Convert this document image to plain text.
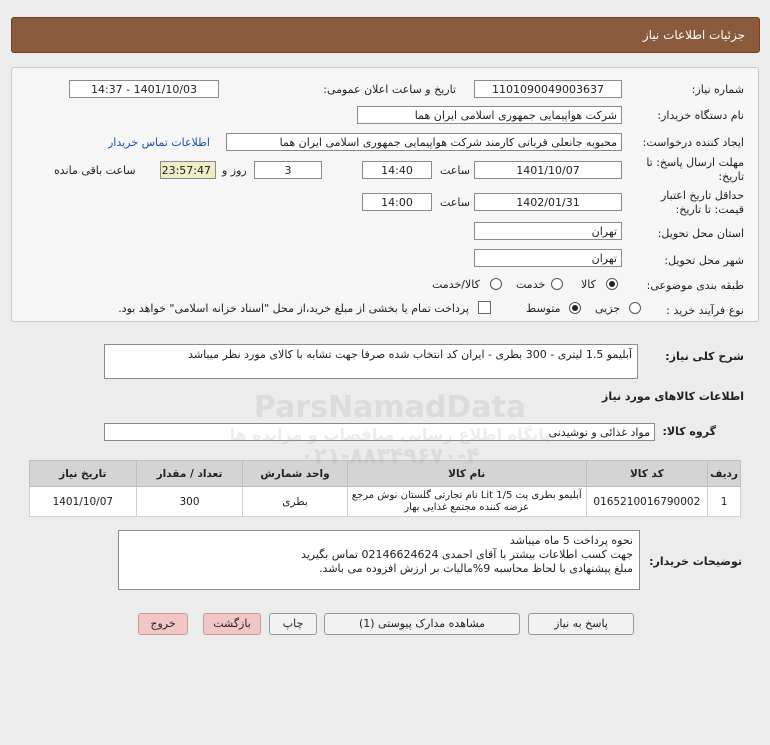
جزئیات اطلاعات نیاز
شماره نیاز:
1101090049003637
تاریخ و ساعت اعلان عمومی:
1401/10/03 - 14:37
نام دستگاه خریدار:
شرکت هواپیمایی جمهوری اسلامی ایران هما
ایجاد کننده درخواست:
محبوبه جانعلی قربانی کارمند شرکت هواپیمایی جمهوری اسلامی ایران هما
اطلاعات تماس خریدار
مهلت ارسال پاسخ: تا
تاریخ:
1401/10/07
ساعت
14:40
3
روز و
23:57:47
ساعت باقی مانده
حداقل تاریخ اعتبار
قیمت: تا تاریخ:
1402/01/31
ساعت
14:00
استان محل تحویل:
تهران
شهر محل تحویل:
تهران
طبقه بندی موضوعی:
کالا
خدمت
کالا/خدمت
نوع فرآیند خرید :
جزیی
متوسط
پرداخت تمام یا بخشی از مبلغ خرید،از محل "اسناد خزانه اسلامی" خواهد بود.
شرح کلی نیاز:
آبلیمو 1.5 لیتری - 300 بطری - ایران کد انتخاب شده صرفا جهت تشابه با کالای مورد نظر میباشد
اطلاعات کالاهای مورد نیاز
گروه کالا:
مواد غذائی و نوشیدنی
ردیف	کد کالا	نام کالا	واحد شمارش	تعداد / مقدار	تاریخ نیاز
1	0165210016790002	آبلیمو بطری پت Lit 1/5 نام تجارتی گلستان نوش مرجع عرضه کننده مجتمع غذایی بهار	بطری	300	1401/10/07
توضیحات خریدار:
نحوه پرداخت 5 ماه میباشد
جهت کسب اطلاعات بیشتر با آقای احمدی 02146624624 تماس بگیرید
مبلغ پیشنهادی با لحاظ محاسبه 9%مالیات بر ارزش افزوده می باشد.
پاسخ به نیاز
مشاهده مدارک پیوستی (1)
چاپ
بازگشت
خروج
ParsNamadData
۰۲۱-۸۸۳۴۹۶۷۰-۴
